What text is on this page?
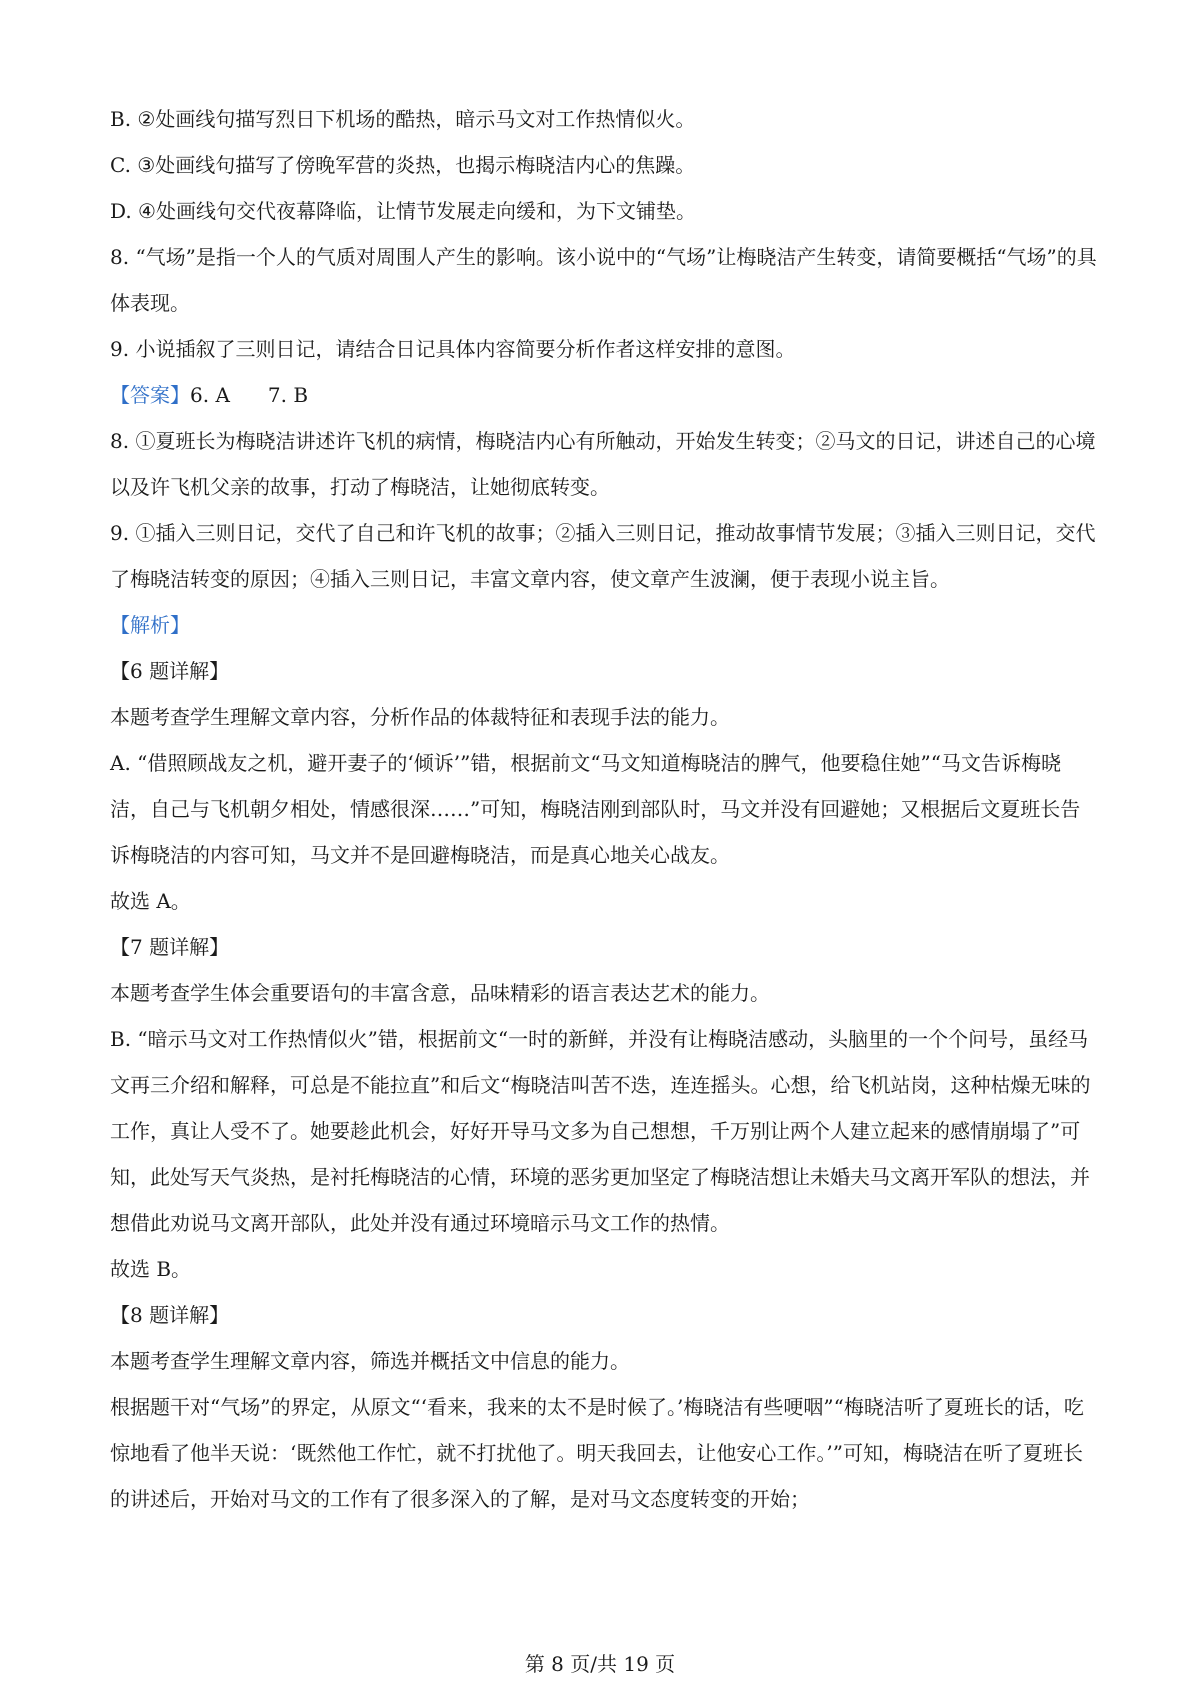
B. ②处画线句描写烈日下机场的酷热，暗示马文对工作热情似火。

C. ③处画线句描写了傍晚军营的炎热，也揭示梅晓洁内心的焦躁。

D. ④处画线句交代夜幕降临，让情节发展走向缓和，为下文铺垫。

8. “气场”是指一个人的气质对周围人产生的影响。该小说中的“气场”让梅晓洁产生转变，请简要概括“气场”的具体表现。

9. 小说插叙了三则日记，请结合日记具体内容简要分析作者这样安排的意图。

【答案】6. A 7. B

8. ①夏班长为梅晓洁讲述许飞机的病情，梅晓洁内心有所触动，开始发生转变；②马文的日记，讲述自己的心境以及许飞机父亲的故事，打动了梅晓洁，让她彻底转变。

9. ①插入三则日记，交代了自己和许飞机的故事；②插入三则日记，推动故事情节发展；③插入三则日记，交代了梅晓洁转变的原因；④插入三则日记，丰富文章内容，使文章产生波澜，便于表现小说主旨。

【解析】

【6 题详解】

本题考查学生理解文章内容，分析作品的体裁特征和表现手法的能力。

A. “借照顾战友之机，避开妻子的‘倾诉’”错，根据前文“马文知道梅晓洁的脾气，他要稳住她”“马文告诉梅晓洁，自己与飞机朝夕相处，情感很深……”可知，梅晓洁刚到部队时，马文并没有回避她；又根据后文夏班长告诉梅晓洁的内容可知，马文并不是回避梅晓洁，而是真心地关心战友。

故选 A。

【7 题详解】

本题考查学生体会重要语句的丰富含意，品味精彩的语言表达艺术的能力。

B. “暗示马文对工作热情似火”错，根据前文“一时的新鲜，并没有让梅晓洁感动，头脑里的一个个问号，虽经马文再三介绍和解释，可总是不能拉直”和后文“梅晓洁叫苦不迭，连连摇头。心想，给飞机站岗，这种枯燥无味的工作，真让人受不了。她要趁此机会，好好开导马文多为自己想想，千万别让两个人建立起来的感情崩塌了”可知，此处写天气炎热，是衬托梅晓洁的心情，环境的恶劣更加坚定了梅晓洁想让未婚夫马文离开军队的想法，并想借此劝说马文离开部队，此处并没有通过环境暗示马文工作的热情。

故选 B。

【8 题详解】

本题考查学生理解文章内容，筛选并概括文中信息的能力。

根据题干对“气场”的界定，从原文“‘看来，我来的太不是时候了。’梅晓洁有些哽咽”“梅晓洁听了夏班长的话，吃惊地看了他半天说：‘既然他工作忙，就不打扰他了。明天我回去，让他安心工作。’”可知，梅晓洁在听了夏班长的讲述后，开始对马文的工作有了很多深入的了解，是对马文态度转变的开始；

第 8 页/共 19 页
